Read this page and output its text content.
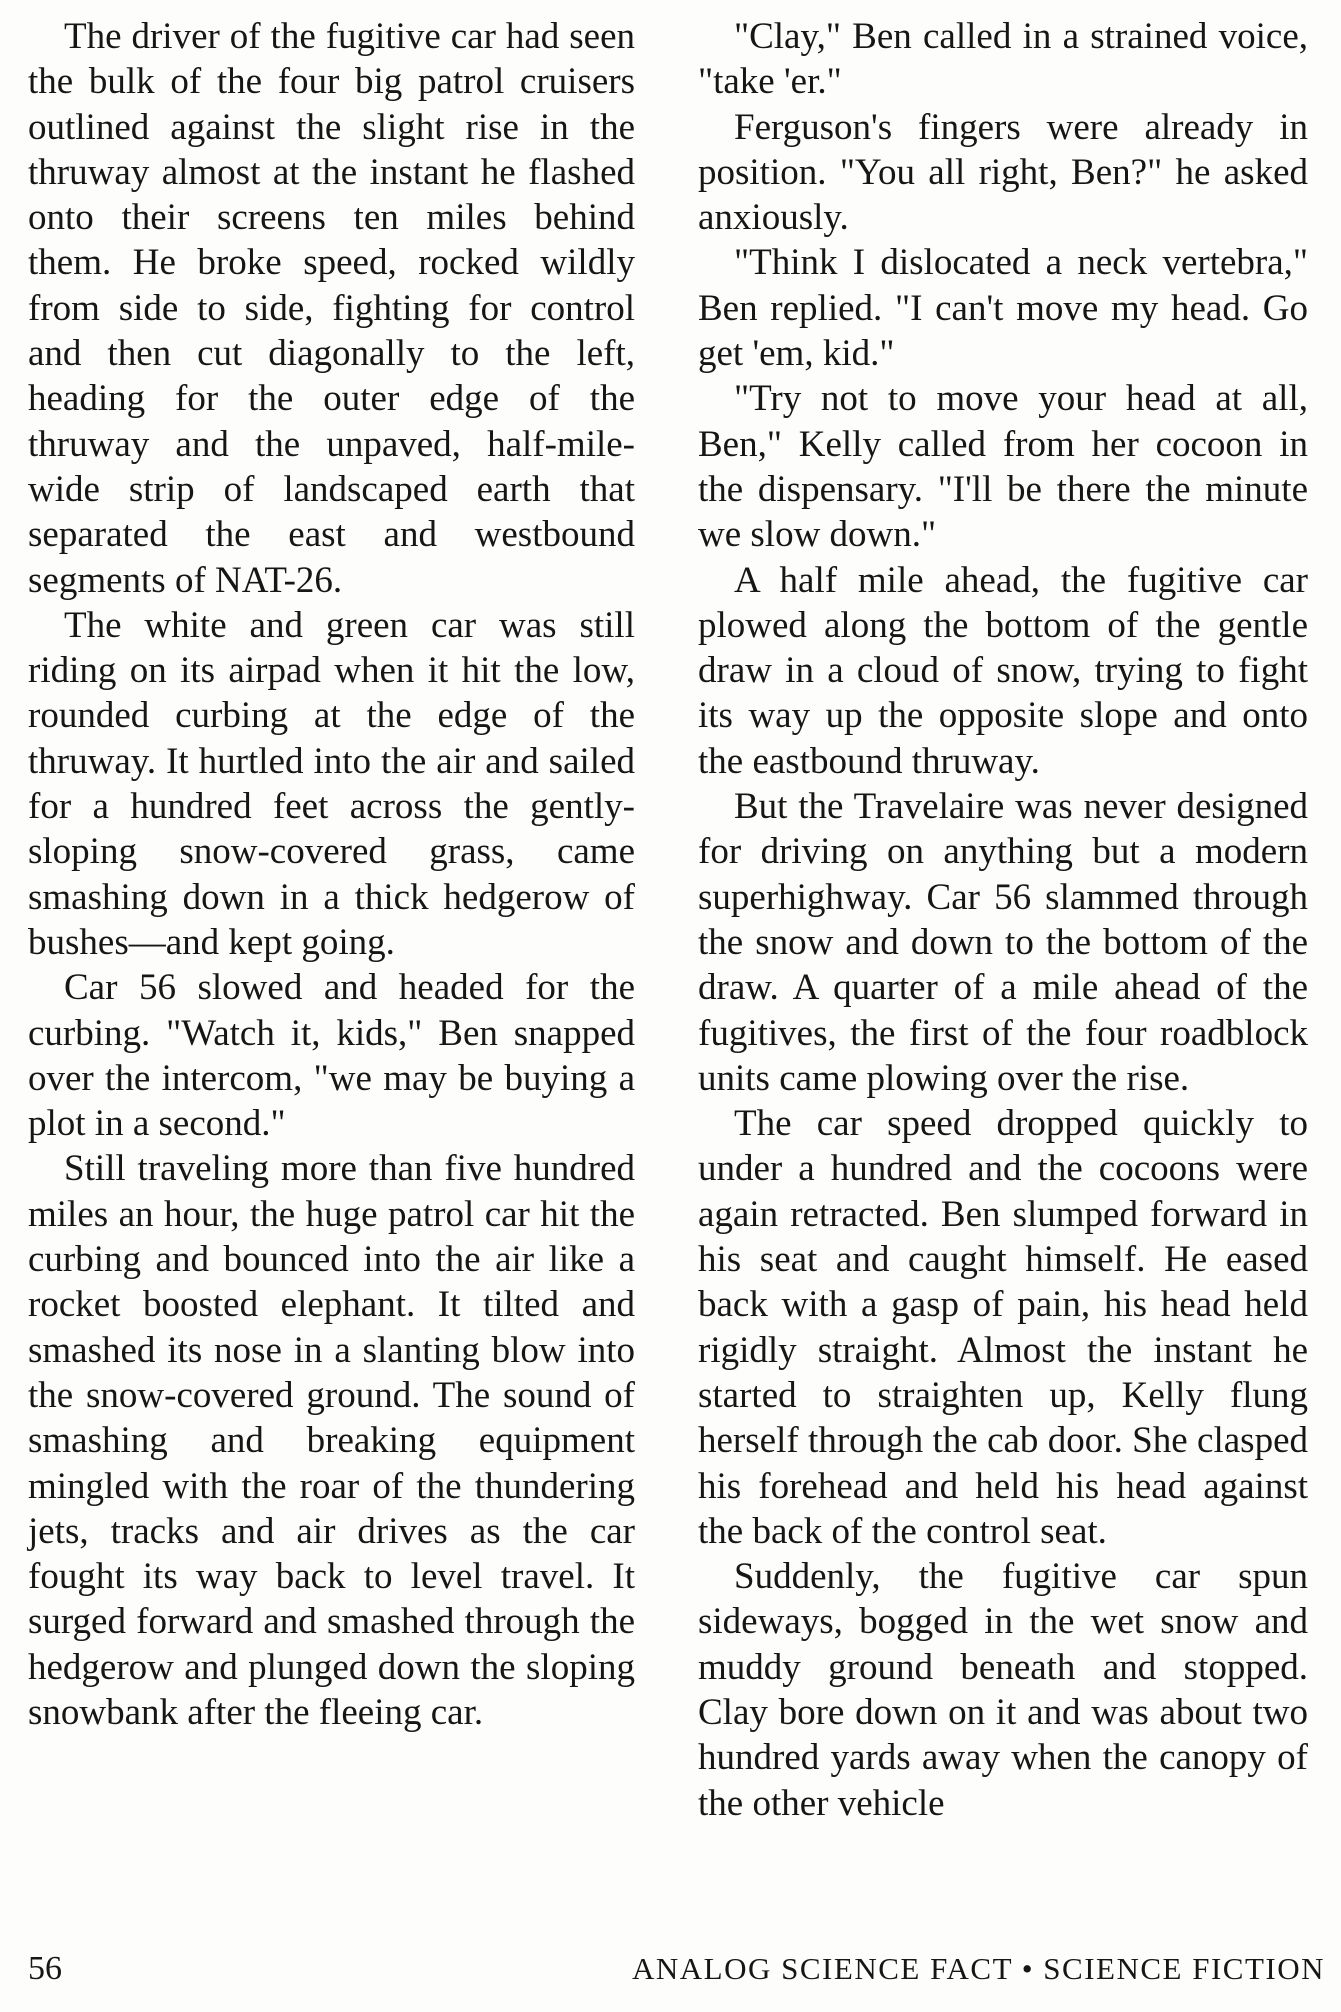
The driver of the fugitive car had seen the bulk of the four big patrol cruisers outlined against the slight rise in the thruway almost at the instant he flashed onto their screens ten miles behind them. He broke speed, rocked wildly from side to side, fighting for control and then cut diagonally to the left, heading for the outer edge of the thruway and the unpaved, half-mile-wide strip of landscaped earth that separated the east and westbound segments of NAT-26.

The white and green car was still riding on its airpad when it hit the low, rounded curbing at the edge of the thruway. It hurtled into the air and sailed for a hundred feet across the gently-sloping snow-covered grass, came smashing down in a thick hedgerow of bushes—and kept going.

Car 56 slowed and headed for the curbing. "Watch it, kids," Ben snapped over the intercom, "we may be buying a plot in a second."

Still traveling more than five hundred miles an hour, the huge patrol car hit the curbing and bounced into the air like a rocket boosted elephant. It tilted and smashed its nose in a slanting blow into the snow-covered ground. The sound of smashing and breaking equipment mingled with the roar of the thundering jets, tracks and air drives as the car fought its way back to level travel. It surged forward and smashed through the hedgerow and plunged down the sloping snowbank after the fleeing car.

"Clay," Ben called in a strained voice, "take 'er."

Ferguson's fingers were already in position. "You all right, Ben?" he asked anxiously.

"Think I dislocated a neck vertebra," Ben replied. "I can't move my head. Go get 'em, kid."

"Try not to move your head at all, Ben," Kelly called from her cocoon in the dispensary. "I'll be there the minute we slow down."

A half mile ahead, the fugitive car plowed along the bottom of the gentle draw in a cloud of snow, trying to fight its way up the opposite slope and onto the eastbound thruway.

But the Travelaire was never designed for driving on anything but a modern superhighway. Car 56 slammed through the snow and down to the bottom of the draw. A quarter of a mile ahead of the fugitives, the first of the four roadblock units came plowing over the rise.

The car speed dropped quickly to under a hundred and the cocoons were again retracted. Ben slumped forward in his seat and caught himself. He eased back with a gasp of pain, his head held rigidly straight. Almost the instant he started to straighten up, Kelly flung herself through the cab door. She clasped his forehead and held his head against the back of the control seat.

Suddenly, the fugitive car spun sideways, bogged in the wet snow and muddy ground beneath and stopped. Clay bore down on it and was about two hundred yards away when the canopy of the other vehicle

56	ANALOG SCIENCE FACT • SCIENCE FICTION
